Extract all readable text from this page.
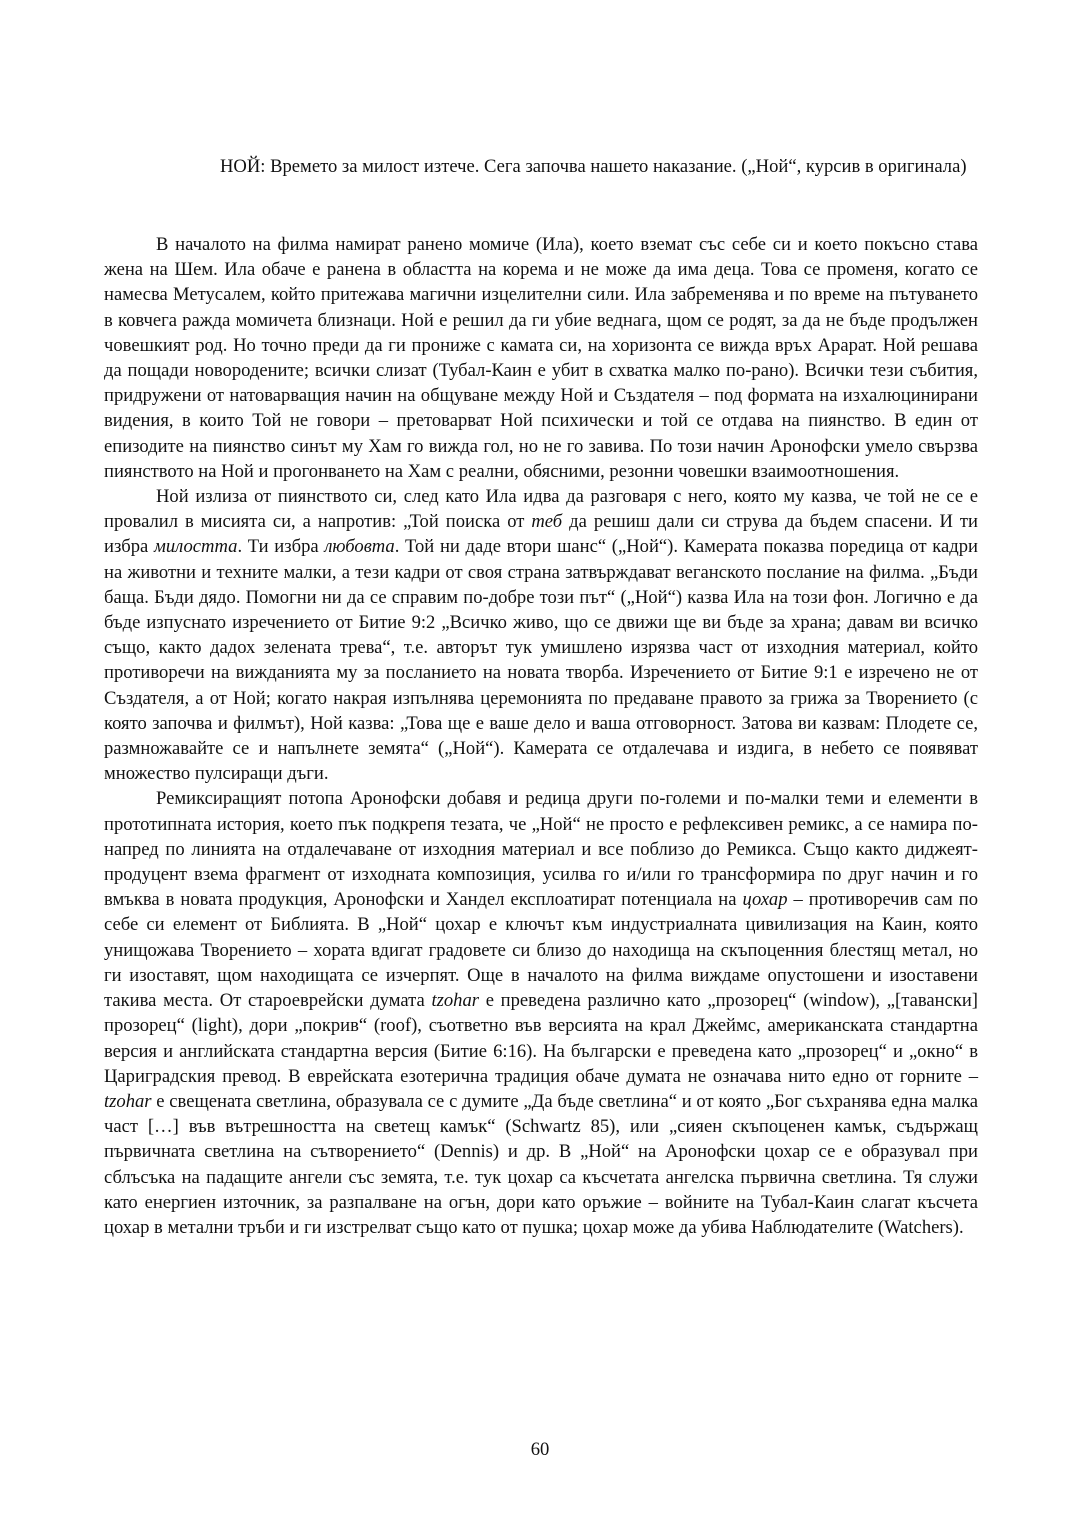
НОЙ: Времето за милост изтече. Сега започва нашето наказание. („Ной“, курсив в оригинала)

В началото на филма намират ранено момиче (Ила), което вземат със себе си и което покъсно става жена на Шем. Ила обаче е ранена в областта на корема и не може да има деца. Това се променя, когато се намесва Метусалем, който притежава магични изцелителни сили. Ила забременява и по време на пътуването в ковчега ражда момичета близнаци. Ной е решил да ги убие веднага, щом се родят, за да не бъде продължен човешкият род. Но точно преди да ги прониже с камата си, на хоризонта се вижда връх Арарат. Ной решава да пощади новородените; всички слизат (Тубал-Каин е убит в схватка малко по-рано). Всички тези събития, придружени от натоварващия начин на общуване между Ной и Създателя – под формата на изхалюцинирани видения, в които Той не говори – претоварват Ной психически и той се отдава на пиянство. В един от епизодите на пиянство синът му Хам го вижда гол, но не го завива. По този начин Аронофски умело свързва пиянството на Ной и прогонването на Хам с реални, обясними, резонни човешки взаимоотношения.

Ной излиза от пиянството си, след като Ила идва да разговаря с него, която му казва, че той не се е провалил в мисията си, а напротив: „Той поиска от теб да решиш дали си струва да бъдем спасени. И ти избра милостта. Ти избра любовта. Той ни даде втори шанс“ („Ной“). Камерата показва поредица от кадри на животни и техните малки, а тези кадри от своя страна затвърждават веганското послание на филма. „Бъди баща. Бъди дядо. Помогни ни да се справим по-добре този път“ („Ной“) казва Ила на този фон. Логично е да бъде изпуснато изречението от Битие 9:2 „Всичко живо, що се движи ще ви бъде за храна; давам ви всичко също, както дадох зелената трева“, т.е. авторът тук умишлено изрязва част от изходния материал, който противоречи на вижданията му за посланието на новата творба. Изречението от Битие 9:1 е изречено не от Създателя, а от Ной; когато накрая изпълнява церемонията по предаване правото за грижа за Творението (с която започва и филмът), Ной казва: „Това ще е ваше дело и ваша отговорност. Затова ви казвам: Плодете се, размножавайте се и напълнете земята“ („Ной“). Камерата се отдалечава и издига, в небето се появяват множество пулсиращи дъги.

Ремиксиращият потопа Аронофски добавя и редица други по-големи и по-малки теми и елементи в прототипната история, което пък подкрепя тезата, че „Ной“ не просто е рефлексивен ремикс, а се намира по-напред по линията на отдалечаване от изходния материал и все поблизо до Ремикса. Също както диджеят-продуцент взема фрагмент от изходната композиция, усилва го и/или го трансформира по друг начин и го вмъква в новата продукция, Аронофски и Хандел експлоатират потенциала на цохар – противоречив сам по себе си елемент от Библията. В „Ной“ цохар е ключът към индустриалната цивилизация на Каин, която унищожава Творението – хората вдигат градовете си близо до находища на скъпоценния блестящ метал, но ги изоставят, щом находищата се изчерпят. Още в началото на филма виждаме опустошени и изоставени такива места. От староеврейски думата tzohar е преведена различно като „прозорец“ (window), „[тавански] прозорец“ (light), дори „покрив“ (roof), съответно във версията на крал Джеймс, американската стандартна версия и английската стандартна версия (Битие 6:16). На български е преведена като „прозорец“ и „окно“ в Цариградския превод. В еврейската езотерична традиция обаче думата не означава нито едно от горните – tzohar е свещената светлина, образувала се с думите „Да бъде светлина“ и от която „Бог съхранява една малка част […] във вътрешността на светещ камък“ (Schwartz 85), или „сияен скъпоценен камък, съдържащ първичната светлина на сътворението“ (Dennis) и др. В „Ной“ на Аронофски цохар се е образувал при сблъсъка на падащите ангели със земята, т.е. тук цохар са късчетата ангелска първична светлина. Тя служи като енергиен източник, за разпалване на огън, дори като оръжие – войните на Тубал-Каин слагат късчета цохар в метални тръби и ги изстрелват също като от пушка; цохар може да убива Наблюдателите (Watchers).

60
